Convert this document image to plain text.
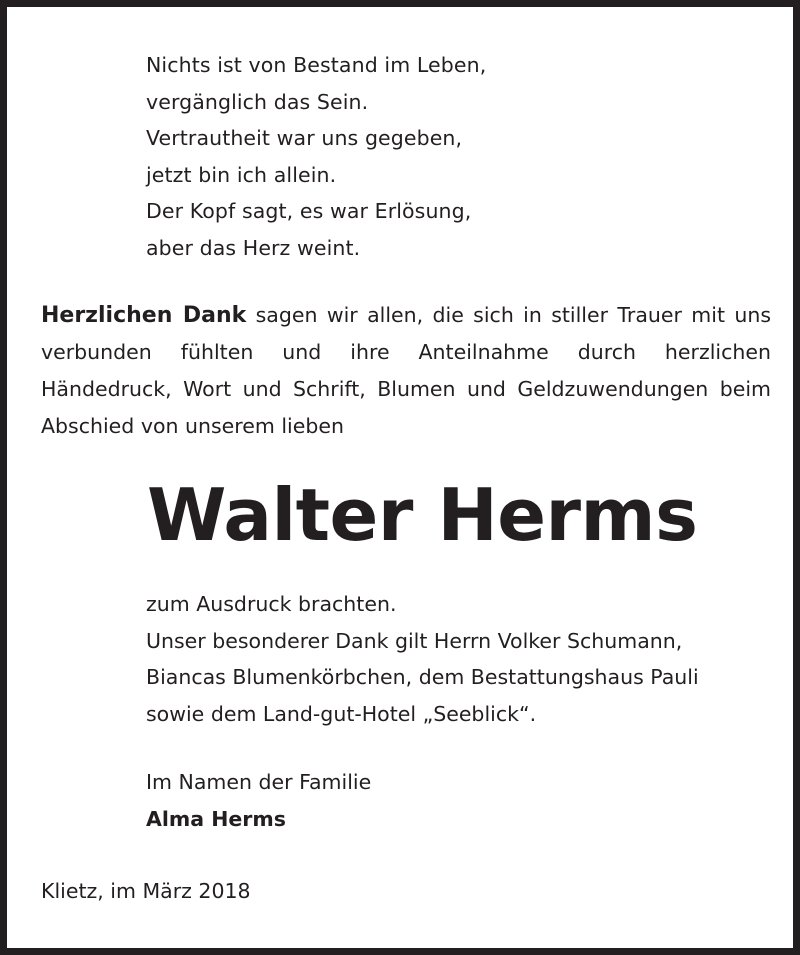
Nichts ist von Bestand im Leben,
vergänglich das Sein.
Vertrautheit war uns gegeben,
jetzt bin ich allein.
Der Kopf sagt, es war Erlösung,
aber das Herz weint.
Herzlichen Dank sagen wir allen, die sich in stiller Trauer mit uns verbunden fühlten und ihre Anteilnahme durch herzlichen Händedruck, Wort und Schrift, Blumen und Geldzuwendungen beim Abschied von unserem lieben
Walter Herms
zum Ausdruck brachten.
Unser besonderer Dank gilt Herrn Volker Schumann,
Biancas Blumenkörbchen, dem Bestattungshaus Pauli
sowie dem Land-gut-Hotel „Seeblick“.
Im Namen der Familie
Alma Herms
Klietz, im März 2018
